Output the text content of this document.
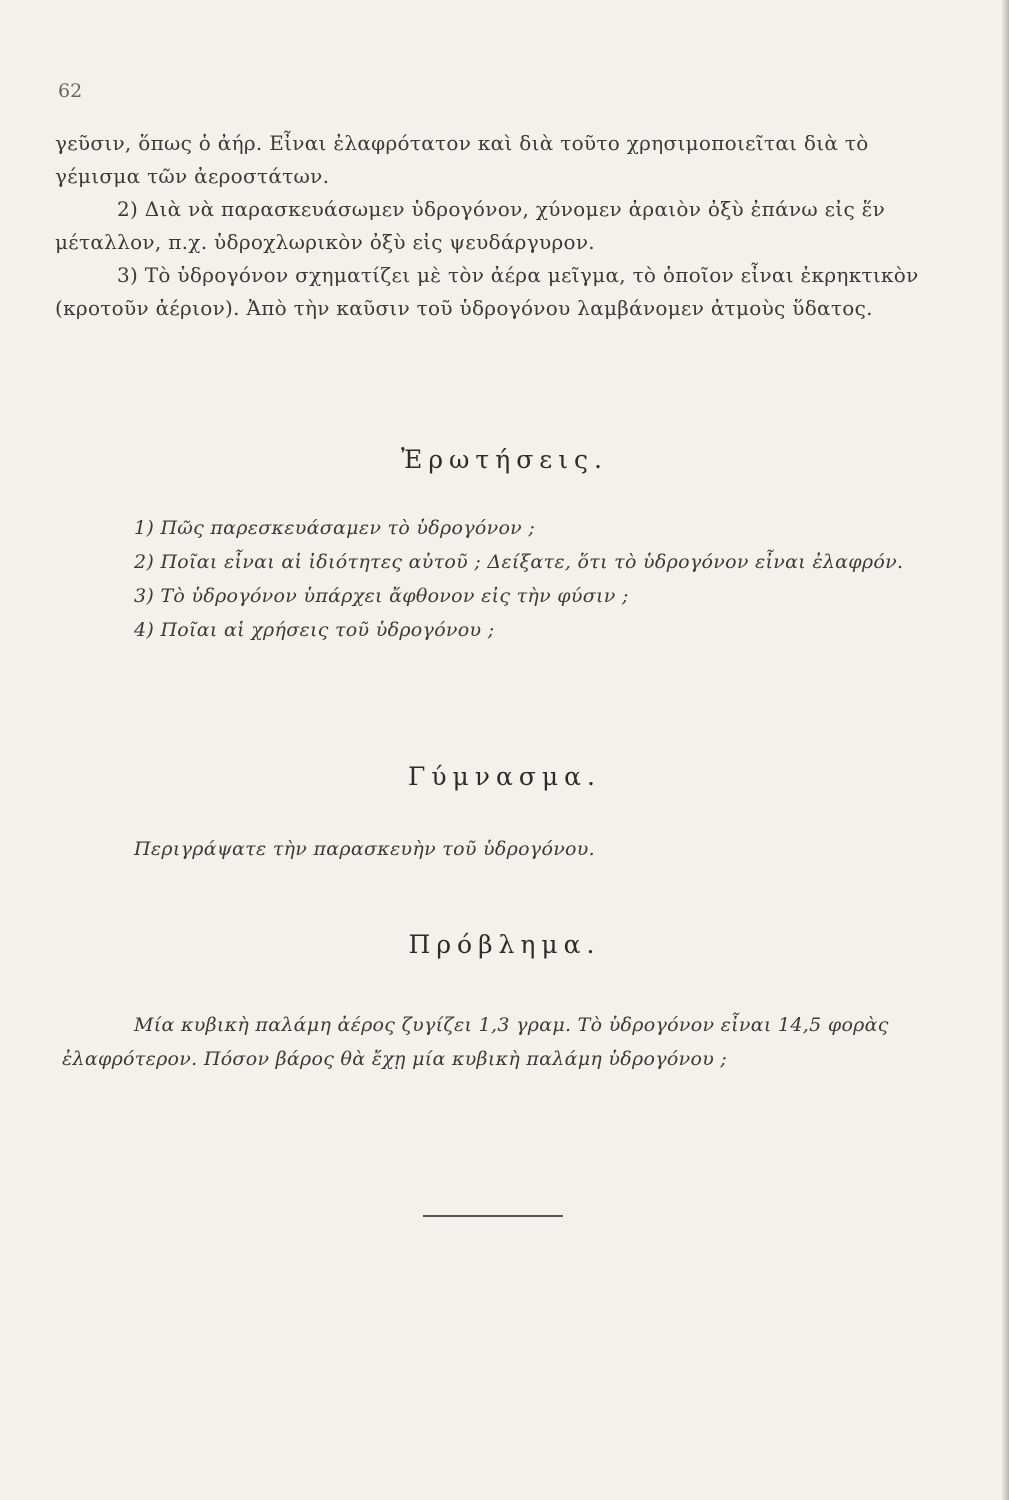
62

γεῦσιν, ὅπως ὁ ἀήρ. Εἶναι ἐλαφρότατον καὶ διὰ τοῦτο χρησιμοποιεῖται διὰ τὸ γέμισμα τῶν ἀεροστάτων.

2) Διὰ νὰ παρασκευάσωμεν ὑδρογόνον, χύνομεν ἀραιὸν ὀξὺ ἐπάνω εἰς ἕν μέταλλον, π.χ. ὑδροχλωρικὸν ὀξὺ εἰς ψευδάργυρον.

3) Τὸ ὑδρογόνον σχηματίζει μὲ τὸν ἀέρα μεῖγμα, τὸ ὁποῖον εἶναι ἐκρηκτικὸν (κροτοῦν ἀέριον). Ἀπὸ τὴν καῦσιν τοῦ ὑδρογόνου λαμβάνομεν ἀτμοὺς ὕδατος.

Ἐρωτήσεις.

1) Πῶς παρεσκευάσαμεν τὸ ὑδρογόνον ;

2) Ποῖαι εἶναι αἱ ἰδιότητες αὐτοῦ ; Δείξατε, ὅτι τὸ ὑδρογόνον εἶναι ἐλαφρόν.

3) Τὸ ὑδρογόνον ὑπάρχει ἄφθονον εἰς τὴν φύσιν ;

4) Ποῖαι αἱ χρήσεις τοῦ ὑδρογόνου ;

Γύμνασμα.

Περιγράψατε τὴν παρασκευὴν τοῦ ὑδρογόνου.

Πρόβλημα.

Μία κυβικὴ παλάμη ἀέρος ζυγίζει 1,3 γραμ. Τὸ ὑδρογόνον εἶναι 14,5 φορὰς ἐλαφρότερον. Πόσον βάρος θὰ ἔχῃ μία κυβικὴ παλάμη ὑδρογόνου ;
